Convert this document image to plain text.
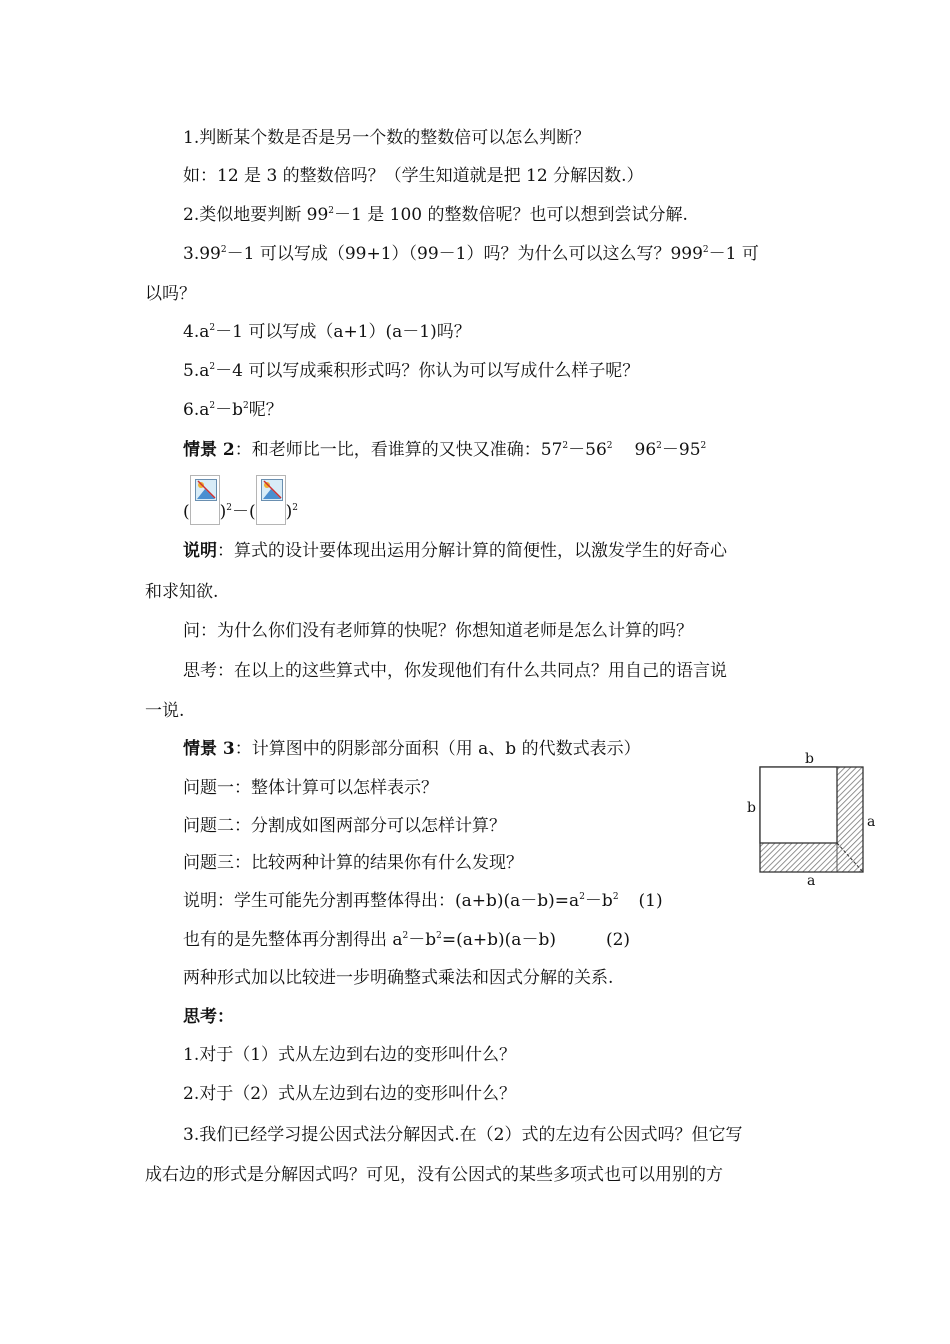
1.判断某个数是否是另一个数的整数倍可以怎么判断？
如：12 是 3 的整数倍吗？（学生知道就是把 12 分解因数.）
2.类似地要判断 $99^2-1$ 是 100 的整数倍呢？也可以想到尝试分解.
$3.99^2-1$ 可以写成（99+1）（99－1）吗？为什么可以这么写？$999^2-1$ 可
以吗？
$4.a^2-1$ 可以写成（a+1）(a－1)吗？
$5.a^2-4$ 可以写成乘积形式吗？你认为可以写成什么样子呢？
$6.a^2-b^2$呢？
情景 2：和老师比一比，看谁算的又快又准确：$57^2-56^2$ $96^2-95^2$
( )$^2$－( )$^2$
说明：算式的设计要体现出运用分解计算的简便性，以激发学生的好奇心
和求知欲.
问：为什么你们没有老师算的快呢？你想知道老师是怎么计算的吗？
思考：在以上的这些算式中，你发现他们有什么共同点？用自己的语言说
一说.
情景 3：计算图中的阴影部分面积（用 a、b 的代数式表示）
问题一：整体计算可以怎样表示？
问题二：分割成如图两部分可以怎样计算？
问题三：比较两种计算的结果你有什么发现？
说明：学生可能先分割再整体得出：$(a+b)(a-b)=a^2-b^2$ (1)
也有的是先整体再分割得出 $a^2-b^2=(a+b)(a-b)$	(2)
两种形式加以比较进一步明确整式乘法和因式分解的关系.
思考：
1.对于（1）式从左边到右边的变形叫什么？
2.对于（2）式从左边到右边的变形叫什么？
3.我们已经学习提公因式法分解因式.在（2）式的左边有公因式吗？但它写
成右边的形式是分解因式吗？可见，没有公因式的某些多项式也可以用别的方
b
b
a
a
